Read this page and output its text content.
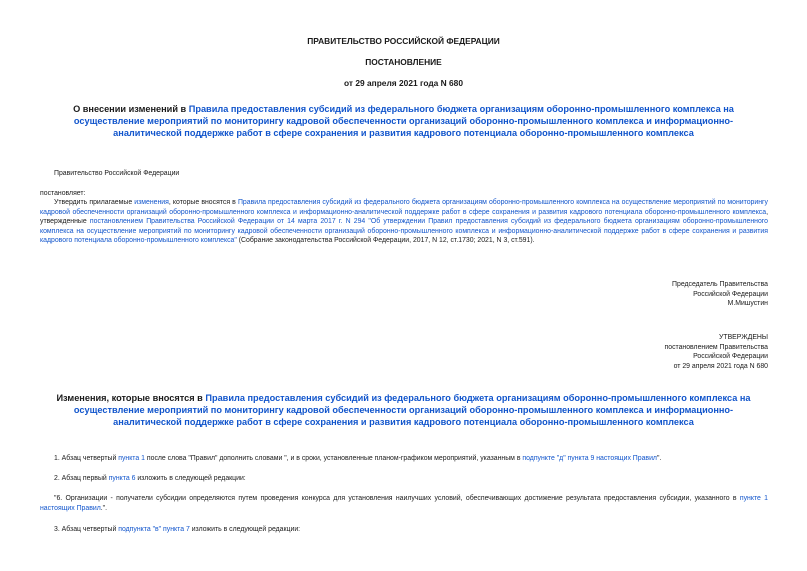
ПРАВИТЕЛЬСТВО РОССИЙСКОЙ ФЕДЕРАЦИИ
ПОСТАНОВЛЕНИЕ
от 29 апреля 2021 года N 680
О внесении изменений в Правила предоставления субсидий из федерального бюджета организациям оборонно-промышленного комплекса на осуществление мероприятий по мониторингу кадровой обеспеченности организаций оборонно-промышленного комплекса и информационно-аналитической поддержке работ в сфере сохранения и развития кадрового потенциала оборонно-промышленного комплекса
Правительство Российской Федерации
постановляет:
Утвердить прилагаемые изменения, которые вносятся в Правила предоставления субсидий из федерального бюджета организациям оборонно-промышленного комплекса на осуществление мероприятий по мониторингу кадровой обеспеченности организаций оборонно-промышленного комплекса и информационно-аналитической поддержке работ в сфере сохранения и развития кадрового потенциала оборонно-промышленного комплекса, утвержденные постановлением Правительства Российской Федерации от 14 марта 2017 г. N 294 "Об утверждении Правил предоставления субсидий из федерального бюджета организациям оборонно-промышленного комплекса на осуществление мероприятий по мониторингу кадровой обеспеченности организаций оборонно-промышленного комплекса и информационно-аналитической поддержке работ в сфере сохранения и развития кадрового потенциала оборонно-промышленного комплекса" (Собрание законодательства Российской Федерации, 2017, N 12, ст.1730; 2021, N 3, ст.591).
Председатель Правительства
Российской Федерации
М.Мишустин
УТВЕРЖДЕНЫ
постановлением Правительства
Российской Федерации
от 29 апреля 2021 года N 680
Изменения, которые вносятся в Правила предоставления субсидий из федерального бюджета организациям оборонно-промышленного комплекса на осуществление мероприятий по мониторингу кадровой обеспеченности организаций оборонно-промышленного комплекса и информационно-аналитической поддержке работ в сфере сохранения и развития кадрового потенциала оборонно-промышленного комплекса
1. Абзац четвертый пункта 1 после слова "Правил" дополнить словами ", и в сроки, установленные планом-графиком мероприятий, указанным в подпункте "д" пункта 9 настоящих Правил".
2. Абзац первый пункта 6 изложить в следующей редакции:
"6. Организации - получатели субсидии определяются путем проведения конкурса для установления наилучших условий, обеспечивающих достижение результата предоставления субсидии, указанного в пункте 1 настоящих Правил.".
3. Абзац четвертый подпункта "в" пункта 7 изложить в следующей редакции:
